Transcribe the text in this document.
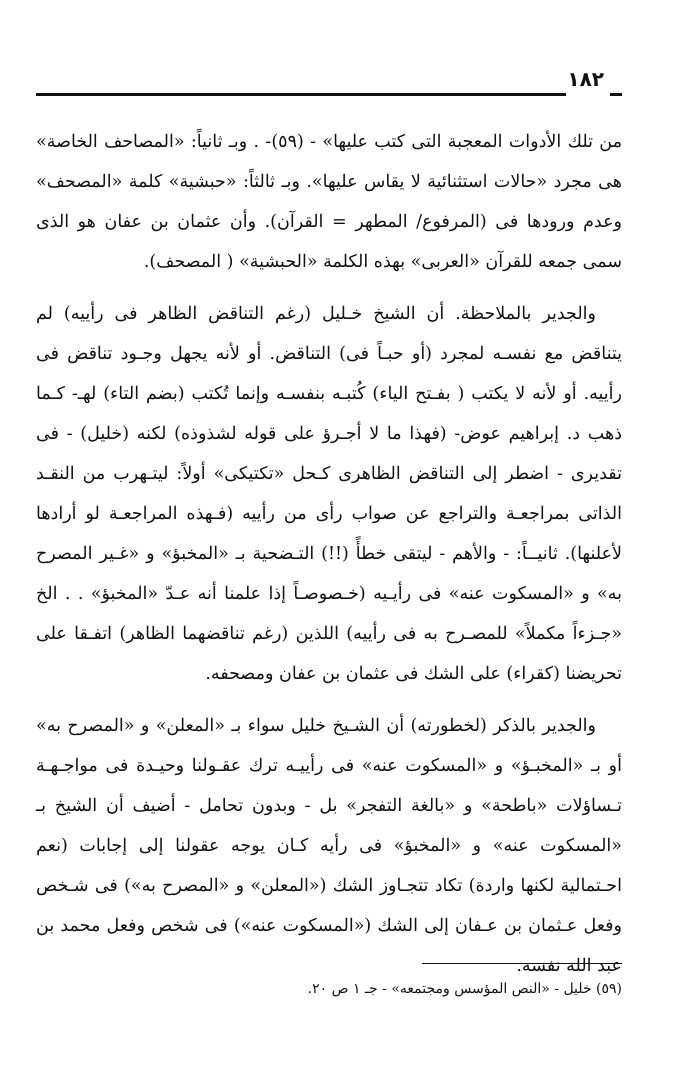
١٨٢

من تلك الأدوات المعجبة التى كتب عليها» - (٥٩)- . وبـ ثانياً: «المصاحف الخاصة» هى مجرد «حالات استثنائية لا يقاس عليها». وبـ ثالثاً: «حبشية» كلمة «المصحف» وعدم ورودها فى (المرفوع/ المطهر = القرآن). وأن عثمان بن عفان هو الذى سمى جمعه للقرآن «العربى» بهذه الكلمة «الحبشية» ( المصحف).

والجدير بالملاحظة. أن الشيخ خـليل (رغم التناقض الظاهر فى رأييه) لم يتناقض مع نفسـه لمجرد (أو حبـاً فى) التناقض. أو لأنه يجهل وجـود تناقض فى رأييه. أو لأنه لا يكتب ( بفـتح الياء) كُتبـه بنفسـه وإنما تُكتب (بضم التاء) لهـ- كـما ذهب د. إبراهيم عوض- (فهذا ما لا أجـرؤ على قوله لشذوذه) لكنه (خليل) - فى تقديرى - اضطر إلى التناقض الظاهرى كـحل «تكتيكى» أولاً: ليتـهرب من النقـد الذاتى بمراجعـة والتراجع عن صواب رأى من رأييه (فـهذه المراجعـة لو أرادها لأعلنها). ثانيــاً: - والأهم - ليتقى خطأً (!!) التـضحية بـ «المخبؤ» و «غـير المصرح به» و «المسكوت عنه» فى رأيـيه (خـصوصـاً إذا علمنا أنه عـدّ «المخبؤ» . . الخ «جـزءاً مكملاً» للمصـرح به فى رأييه) اللذين (رغم تناقضهما الظاهر) اتفـقا على تحريضنا (كقراء) على الشك فى عثمان بن عفان ومصحفه.

والجدير بالذكر (لخطورته) أن الشـيخ خليل سواء بـ «المعلن» و «المصرح به» أو بـ «المخبـؤ» و «المسكوت عنه» فى رأييـه ترك عقـولنا وحيـدة فى مواجـهـة تـساؤلات «باطحة» و «بالغة التفجر» بل - وبدون تحامل - أضيف أن الشيخ بـ «المسكوت عنه» و «المخبؤ» فى رأيه كـان يوجه عقولنا إلى إجابات (نعم احـتمالية لكنها واردة) تكاد تتجـاوز الشك («المعلن» و «المصرح به») فى شـخص وفعل عـثمان بن عـفان إلى الشك («المسكوت عنه») فى شخص وفعل محمد بن عبد الله نفسه.

(٥٩) خليل - «النص المؤسس ومجتمعه» - جـ ١ ص ٢٠.
